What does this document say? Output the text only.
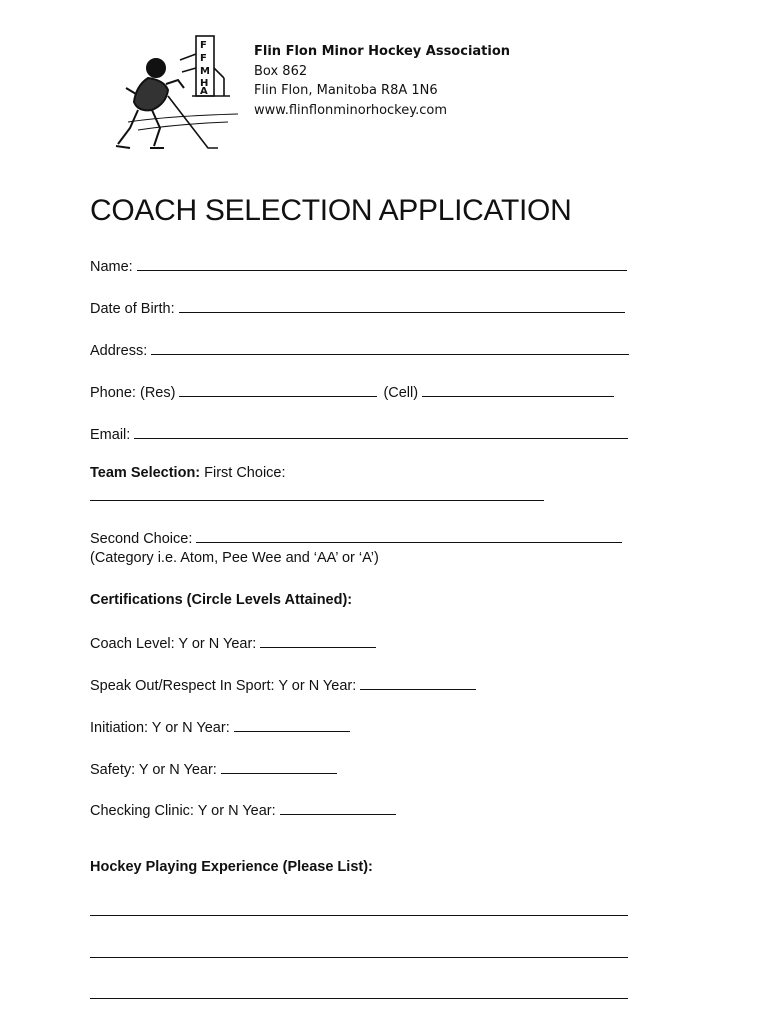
F
F
M
H
A
Flin Flon Minor Hockey Association
Box 862
Flin Flon, Manitoba R8A 1N6
www.flinflonminorhockey.com
COACH SELECTION APPLICATION
Name:
Date of Birth:
Address:
Phone: (Res)	(Cell)
Email:
Team Selection: First Choice:
Second Choice:
(Category i.e. Atom, Pee Wee and ‘AA’ or ‘A’)
Certifications (Circle Levels Attained):
Coach Level: Y or N Year:
Speak Out/Respect In Sport: Y or N Year:
Initiation: Y or N Year:
Safety: Y or N Year:
Checking Clinic: Y or N Year:
Hockey Playing Experience (Please List):
